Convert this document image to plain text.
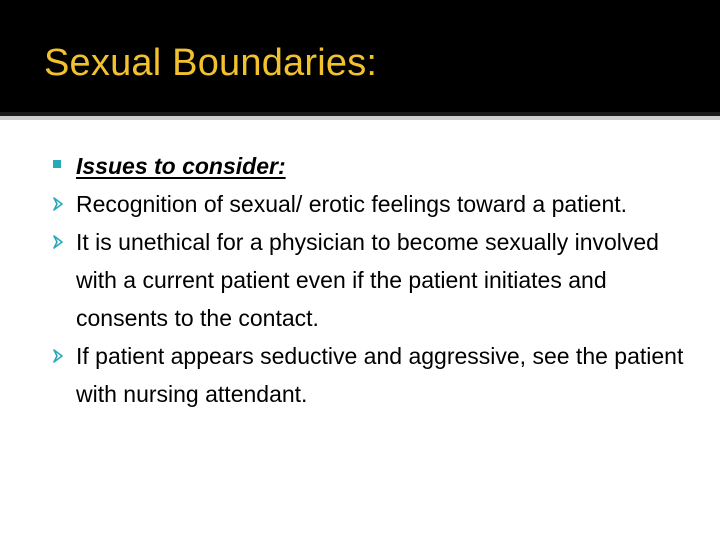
Sexual Boundaries:
Issues to consider:
Recognition of sexual/ erotic feelings toward a patient.
It is unethical for a physician to become sexually involved with a current patient even if the patient initiates and consents to the contact.
If patient appears seductive and aggressive, see the patient with nursing attendant.
